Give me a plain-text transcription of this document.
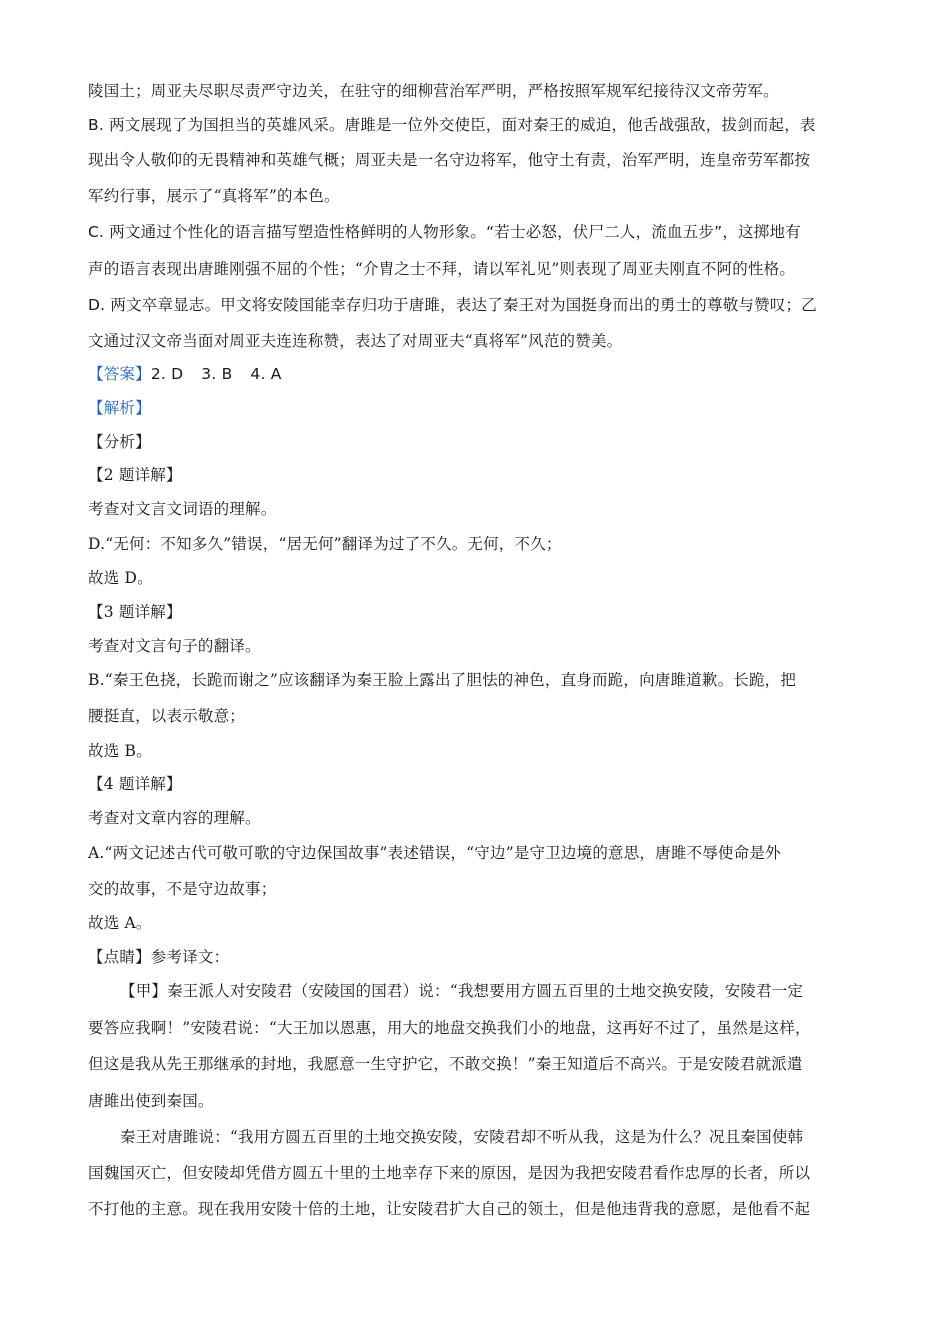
陵国土；周亚夫尽职尽责严守边关，在驻守的细柳营治军严明，严格按照军规军纪接待汉文帝劳军。
B. 两文展现了为国担当的英雄风采。唐雎是一位外交使臣，面对秦王的威迫，他舌战强敌，拔剑而起，表
现出令人敬仰的无畏精神和英雄气概；周亚夫是一名守边将军，他守土有责，治军严明，连皇帝劳军都按
军约行事，展示了“真将军”的本色。
C. 两文通过个性化的语言描写塑造性格鲜明的人物形象。“若士必怒，伏尸二人，流血五步”，这掷地有
声的语言表现出唐雎刚强不屈的个性；“介胄之士不拜，请以军礼见”则表现了周亚夫刚直不阿的性格。
D. 两文卒章显志。甲文将安陵国能幸存归功于唐雎，表达了秦王对为国挺身而出的勇士的尊敬与赞叹；乙
文通过汉文帝当面对周亚夫连连称赞，表达了对周亚夫“真将军”风范的赞美。
【答案】2. D 3. B 4. A
【解析】
【分析】
【2 题详解】
考查对文言文词语的理解。
D.“无何：不知多久”错误，“居无何”翻译为过了不久。无何，不久；
故选 D。
【3 题详解】
考查对文言句子的翻译。
B.“秦王色挠，长跪而谢之”应该翻译为秦王脸上露出了胆怯的神色，直身而跪，向唐雎道歉。长跪，把
腰挺直，以表示敬意；
故选 B。
【4 题详解】
考查对文章内容的理解。
A.“两文记述古代可敬可歌的守边保国故事”表述错误，“守边”是守卫边境的意思，唐雎不辱使命是外
交的故事，不是守边故事；
故选 A。
【点睛】参考译文：
【甲】秦王派人对安陵君（安陵国的国君）说：“我想要用方圆五百里的土地交换安陵，安陵君一定
要答应我啊！”安陵君说：“大王加以恩惠，用大的地盘交换我们小的地盘，这再好不过了，虽然是这样，
但这是我从先王那继承的封地，我愿意一生守护它，不敢交换！”秦王知道后不高兴。于是安陵君就派遣
唐雎出使到秦国。
秦王对唐雎说：“我用方圆五百里的土地交换安陵，安陵君却不听从我，这是为什么？况且秦国使韩
国魏国灭亡，但安陵却凭借方圆五十里的土地幸存下来的原因，是因为我把安陵君看作忠厚的长者，所以
不打他的主意。现在我用安陵十倍的土地，让安陵君扩大自己的领土，但是他违背我的意愿，是他看不起
